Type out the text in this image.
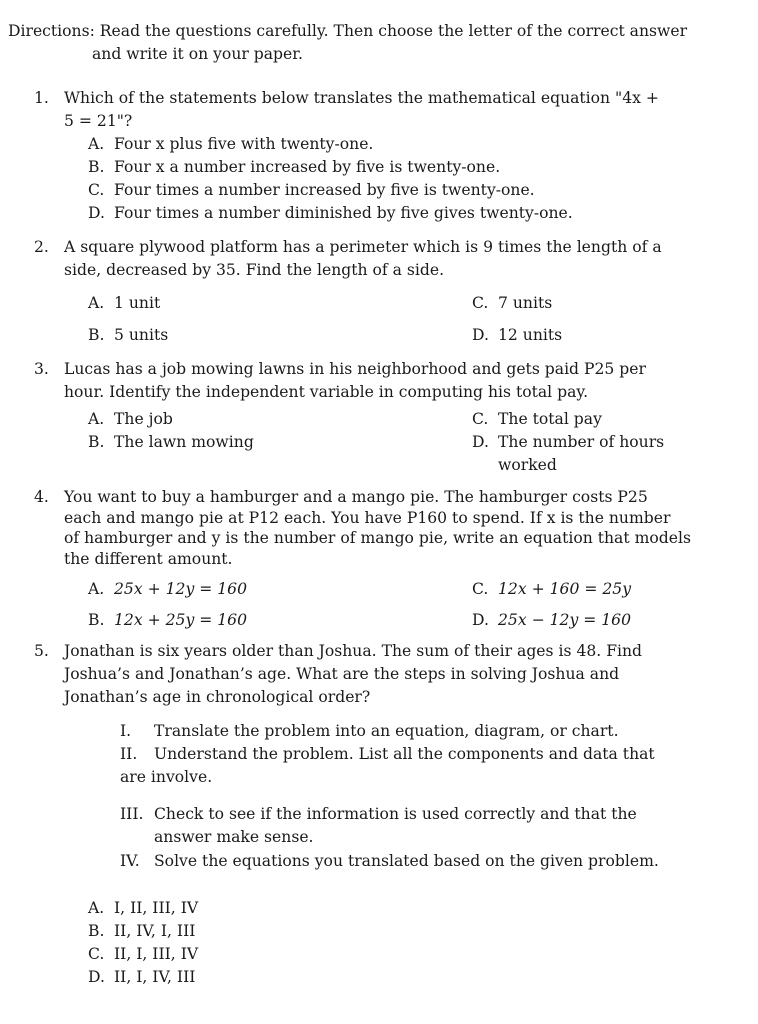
Directions: Read the questions carefully. Then choose the letter of the correct answer
and write it on your paper.
1. Which of the statements below translates the mathematical equation "4x +
5 = 21"?
A. Four x plus five with twenty-one.
B. Four x a number increased by five is twenty-one.
C. Four times a number increased by five is twenty-one.
D. Four times a number diminished by five gives twenty-one.
2. A square plywood platform has a perimeter which is 9 times the length of a
side, decreased by 35. Find the length of a side.
A. 1 unit	C. 7 units
B. 5 units	D. 12 units
3. Lucas has a job mowing lawns in his neighborhood and gets paid P25 per
hour. Identify the independent variable in computing his total pay.
A. The job	C. The total pay
B. The lawn mowing	D. The number of hours
worked
4. You want to buy a hamburger and a mango pie. The hamburger costs P25
each and mango pie at P12 each. You have P160 to spend. If x is the number
of hamburger and y is the number of mango pie, write an equation that models
the different amount.
A. 25x + 12y = 160	C. 12x + 160 = 25y
B. 12x + 25y = 160	D. 25x − 12y = 160
5. Jonathan is six years older than Joshua. The sum of their ages is 48. Find
Joshua’s and Jonathan’s age. What are the steps in solving Joshua and
Jonathan’s age in chronological order?
I. Translate the problem into an equation, diagram, or chart.
II. Understand the problem. List all the components and data that
are involve.
III. Check to see if the information is used correctly and that the
answer make sense.
IV. Solve the equations you translated based on the given problem.
A. I, II, III, IV
B. II, IV, I, III
C. II, I, III, IV
D. II, I, IV, III
